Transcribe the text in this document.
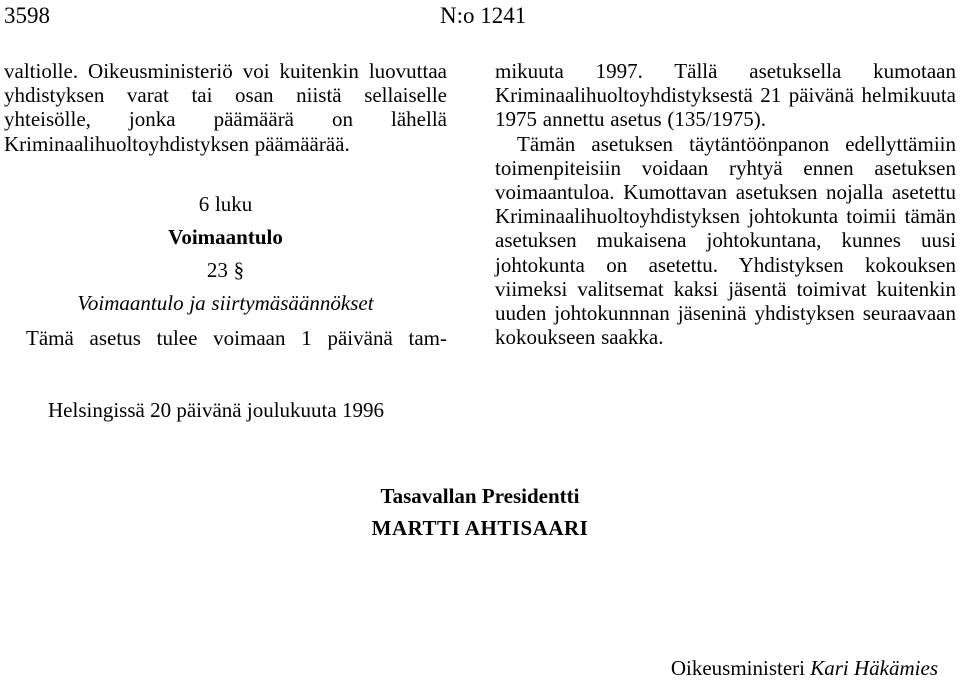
3598	N:o 1241

valtiolle. Oikeusministeriö voi kuitenkin luovuttaa yhdistyksen varat tai osan niistä sellaiselle yhteisölle, jonka päämäärä on lähellä Kriminaalihuoltoyhdistyksen päämäärää.

6 luku
Voimaantulo
23 §
Voimaantulo ja siirtymäsäännökset
Tämä asetus tulee voimaan 1 päivänä tam-

mikuuta 1997. Tällä asetuksella kumotaan Kriminaalihuoltoyhdistyksestä 21 päivänä helmikuuta 1975 annettu asetus (135/1975).

Tämän asetuksen täytäntöönpanon edellyttämiin toimenpiteisiin voidaan ryhtyä ennen asetuksen voimaantuloa. Kumottavan asetuksen nojalla asetettu Kriminaalihuoltoyhdistyksen johtokunta toimii tämän asetuksen mukaisena johtokuntana, kunnes uusi johtokunta on asetettu. Yhdistyksen kokouksen viimeksi valitsemat kaksi jäsentä toimivat kuitenkin uuden johtokunnnan jäseninä yhdistyksen seuraavaan kokoukseen saakka.

Helsingissä 20 päivänä joulukuuta 1996
Tasavallan Presidentti
MARTTI AHTISAARI
Oikeusministeri Kari Häkämies
